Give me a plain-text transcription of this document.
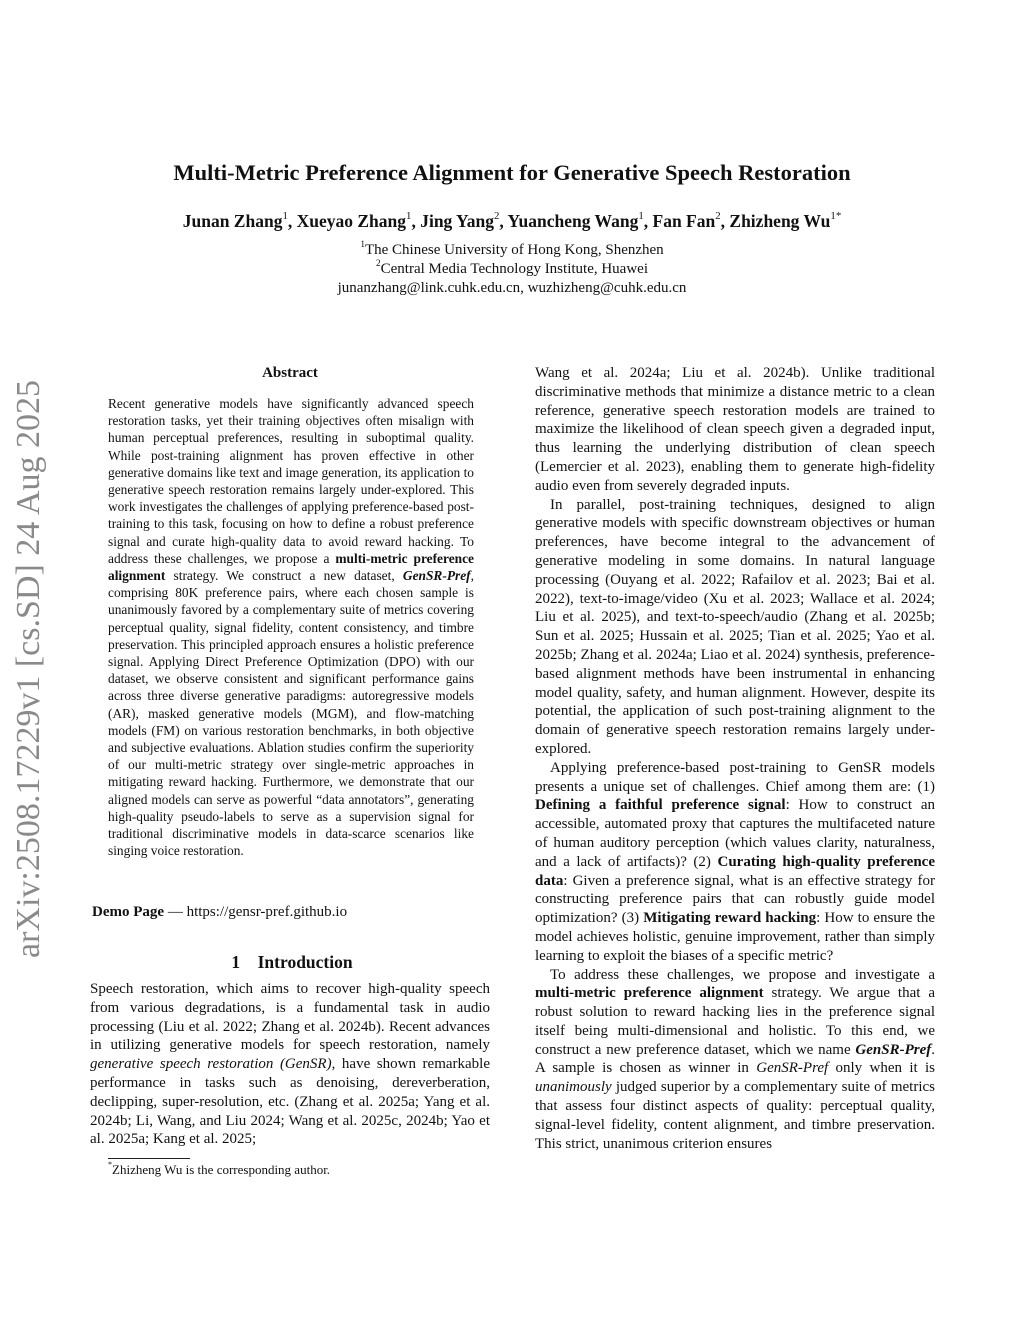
arXiv:2508.17229v1 [cs.SD] 24 Aug 2025
Multi-Metric Preference Alignment for Generative Speech Restoration
Junan Zhang$^1$, Xueyao Zhang$^1$, Jing Yang$^2$, Yuancheng Wang$^1$, Fan Fan$^2$, Zhizheng $Wu^{1*}$
$^1$The Chinese University of Hong Kong, Shenzhen
$^2$Central Media Technology Institute, Huawei
junanzhang@link.cuhk.edu.cn, wuzhizheng@cuhk.edu.cn
Abstract
Recent generative models have significantly advanced speech restoration tasks, yet their training objectives often misalign with human perceptual preferences, resulting in suboptimal quality. While post-training alignment has proven effective in other generative domains like text and image generation, its application to generative speech restoration remains largely under-explored. This work investigates the challenges of applying preference-based post-training to this task, focusing on how to define a robust preference signal and curate high-quality data to avoid reward hacking. To address these challenges, we propose a multi-metric preference alignment strategy. We construct a new dataset, GenSR-Pref, comprising 80K preference pairs, where each chosen sample is unanimously favored by a complementary suite of metrics covering perceptual quality, signal fidelity, content consistency, and timbre preservation. This principled approach ensures a holistic preference signal. Applying Direct Preference Optimization (DPO) with our dataset, we observe consistent and significant performance gains across three diverse generative paradigms: autoregressive models (AR), masked generative models (MGM), and flow-matching models (FM) on various restoration benchmarks, in both objective and subjective evaluations. Ablation studies confirm the superiority of our multi-metric strategy over single-metric approaches in mitigating reward hacking. Furthermore, we demonstrate that our aligned models can serve as powerful “data annotators”, generating high-quality pseudo-labels to serve as a supervision signal for traditional discriminative models in data-scarce scenarios like singing voice restoration.
Demo Page — https://gensr-pref.github.io
1 Introduction

Speech restoration, which aims to recover high-quality speech from various degradations, is a fundamental task in audio processing (Liu et al. 2022; Zhang et al. 2024b). Recent advances in utilizing generative models for speech restoration, namely generative speech restoration (GenSR), have shown remarkable performance in tasks such as denoising, dereverberation, declipping, super-resolution, etc. (Zhang et al. 2025a; Yang et al. 2024b; Li, Wang, and Liu 2024; Wang et al. 2025c, 2024b; Yao et al. 2025a; Kang et al. 2025;

*Zhizheng Wu is the corresponding author.

Wang et al. 2024a; Liu et al. 2024b). Unlike traditional discriminative methods that minimize a distance metric to a clean reference, generative speech restoration models are trained to maximize the likelihood of clean speech given a degraded input, thus learning the underlying distribution of clean speech (Lemercier et al. 2023), enabling them to generate high-fidelity audio even from severely degraded inputs.

In parallel, post-training techniques, designed to align generative models with specific downstream objectives or human preferences, have become integral to the advancement of generative modeling in some domains. In natural language processing (Ouyang et al. 2022; Rafailov et al. 2023; Bai et al. 2022), text-to-image/video (Xu et al. 2023; Wallace et al. 2024; Liu et al. 2025), and text-to-speech/audio (Zhang et al. 2025b; Sun et al. 2025; Hussain et al. 2025; Tian et al. 2025; Yao et al. 2025b; Zhang et al. 2024a; Liao et al. 2024) synthesis, preference-based alignment methods have been instrumental in enhancing model quality, safety, and human alignment. However, despite its potential, the application of such post-training alignment to the domain of generative speech restoration remains largely under-explored.

Applying preference-based post-training to GenSR models presents a unique set of challenges. Chief among them are: (1) Defining a faithful preference signal: How to construct an accessible, automated proxy that captures the multifaceted nature of human auditory perception (which values clarity, naturalness, and a lack of artifacts)? (2) Curating high-quality preference data: Given a preference signal, what is an effective strategy for constructing preference pairs that can robustly guide model optimization? (3) Mitigating reward hacking: How to ensure the model achieves holistic, genuine improvement, rather than simply learning to exploit the biases of a specific metric?

To address these challenges, we propose and investigate a multi-metric preference alignment strategy. We argue that a robust solution to reward hacking lies in the preference signal itself being multi-dimensional and holistic. To this end, we construct a new preference dataset, which we name GenSR-Pref. A sample is chosen as winner in GenSR-Pref only when it is unanimously judged superior by a complementary suite of metrics that assess four distinct aspects of quality: perceptual quality, signal-level fidelity, content alignment, and timbre preservation. This strict, unanimous criterion ensures
